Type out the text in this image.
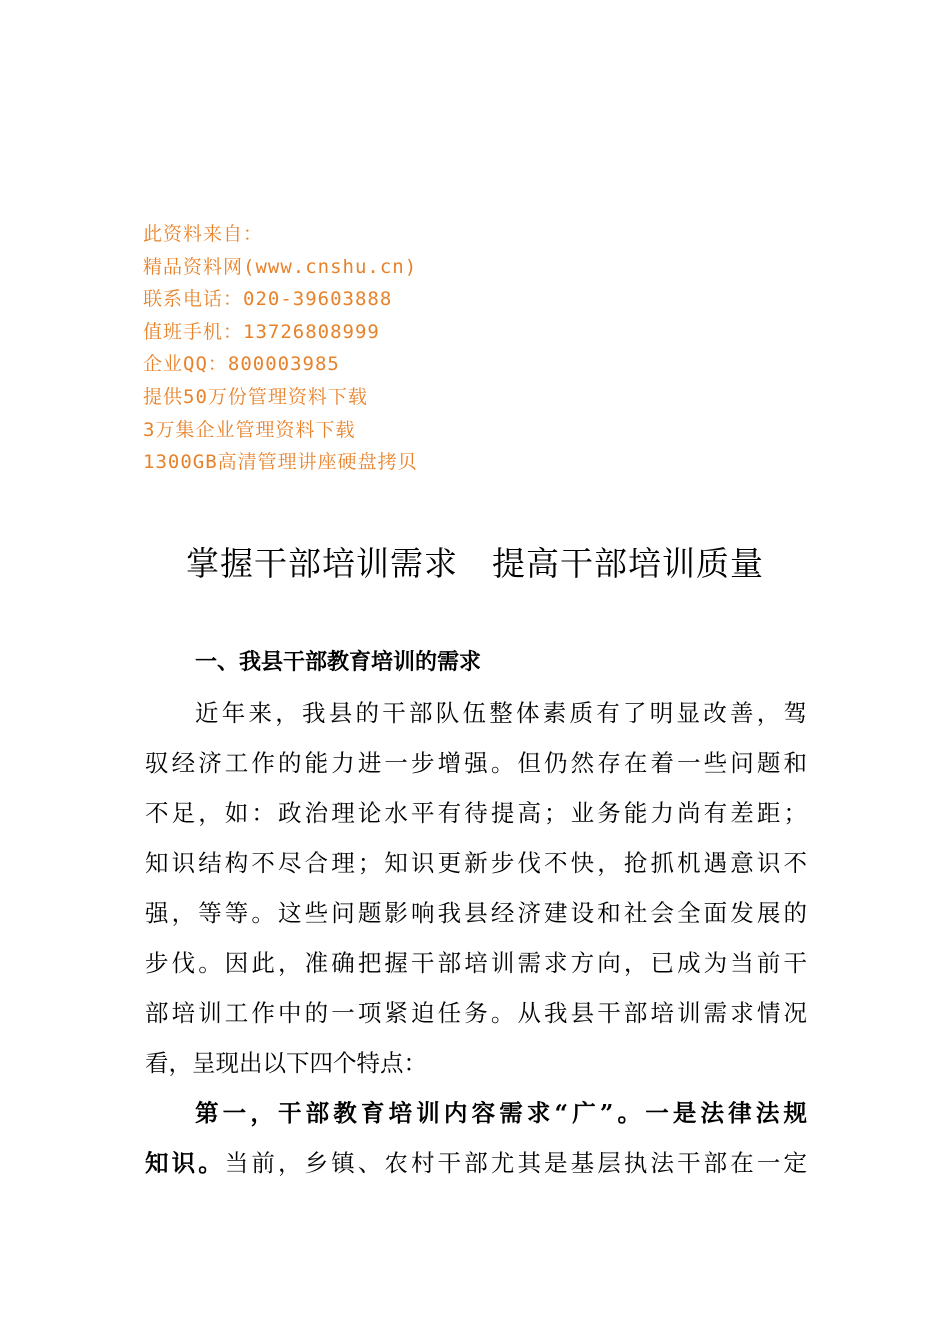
此资料来自：
精品资料网(www.cnshu.cn)
联系电话：020-39603888
值班手机：13726808999
企业QQ：800003985
提供50万份管理资料下载
3万集企业管理资料下载
1300GB高清管理讲座硬盘拷贝
掌握干部培训需求　提高干部培训质量
一、我县干部教育培训的需求
近年来，我县的干部队伍整体素质有了明显改善，驾
驭经济工作的能力进一步增强。但仍然存在着一些问题和
不足，如：政治理论水平有待提高；业务能力尚有差距；
知识结构不尽合理；知识更新步伐不快，抢抓机遇意识不
强，等等。这些问题影响我县经济建设和社会全面发展的
步伐。因此，准确把握干部培训需求方向，已成为当前干
部培训工作中的一项紧迫任务。从我县干部培训需求情况
看，呈现出以下四个特点：
第一，干部教育培训内容需求“广”。一是法律法规
知识。当前，乡镇、农村干部尤其是基层执法干部在一定
